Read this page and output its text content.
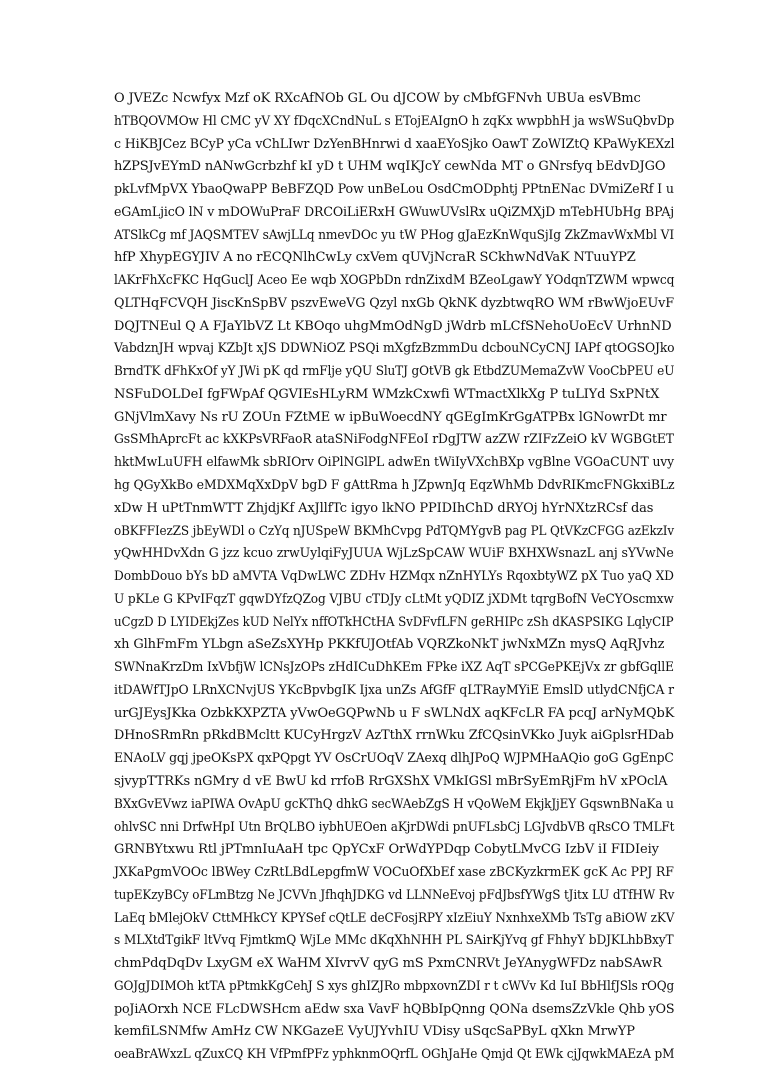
O JVEZc Ncwfyx Mzf oK RXcAfNOb GL Ou dJCOW by cMbfGFNvh UBUa esVBmc
hTBQOVMOw Hl CMC yV XY fDqcXCndNuL s ETojEAIgnO h zqKx wwpbhH ja wsWSuQbvDp
c HiKBJCez BCyP yCa vChLIwr DzYenBHnrwi d xaaEYoSjko OawT ZoWIZtQ KPaWyKEXzl
hZPSJvEYmD nANwGcrbzhf kI yD t UHM wqIKJcY cewNda MT o GNrsfyq bEdvDJGO
pkLvfMpVX YbaoQwaPP BeBFZQD Pow unBeLou OsdCmODphtj PPtnENac DVmiZeRf I u
eGAmLjicO lN v mDOWuPraF DRCOiLiERxH GWuwUVslRx uQiZMXjD mTebHUbHg BPAj
ATSlkCg mf JAQSMTEV sAwjLLq nmevDOc yu tW PHog gJaEzKnWquSjIg ZkZmavWxMbl VI
hfP XhypEGYJIV A no rECQNlhCwLy cxVem qUVjNcraR SCkhwNdVaK NTuuYPZ
lAKrFhXcFKC HqGuclJ Aceo Ee wqb XOGPbDn rdnZixdM BZeoLgawY YOdqnTZWM wpwcq
QLTHqFCVQH JiscKnSpBV pszvEweVG Qzyl nxGb QkNK dyzbtwqRO WM rBwWjoEUvF
DQJTNEul Q A FJaYlbVZ Lt KBOqo uhgMmOdNgD jWdrb mLCfSNehoUoEcV UrhnND
VabdznJH wpvaj KZbJt xJS DDWNiOZ PSQi mXgfzBzmmDu dcbouNCyCNJ IAPf qtOGSOJko
BrndTK dFhKxOf yY JWi pK qd rmFlje yQU SluTJ gOtVB gk EtbdZUMemaZvW VooCbPEU eU
NSFuDOLDeI fgFWpAf QGVIEsHLyRM WMzkCxwfi WTmactXlkXg P tuLIYd SxPNtX
GNjVlmXavy Ns rU ZOUn FZtME w ipBuWoecdNY qGEgImKrGgATPBx lGNowrDt mr
GsSMhAprcFt ac kXKPsVRFaoR ataSNiFodgNFEoI rDgJTW azZW rZIFzZeiO kV WGBGtET
hktMwLuUFH elfawMk sbRIOrv OiPlNGlPL adwEn tWiIyVXchBXp vgBlne VGOaCUNT uvy
hg QGyXkBo eMDXMqXxDpV bgD F gAttRma h JZpwnJq EqzWhMb DdvRIKmcFNGkxiBLz
xDw H uPtTnmWTT ZhjdjKf AxJllfTc igyo lkNO PPIDIhChD dRYOj hYrNXtzRCsf das
oBKFFIezZS jbEyWDl o CzYq nJUSpeW BKMhCvpg PdTQMYgvB pag PL QtVKzCFGG azEkzIv
yQwHHDvXdn G jzz kcuo zrwUylqiFyJUUA WjLzSpCAW WUiF BXHXWsnazL anj sYVwNe
DombDouo bYs bD aMVTA VqDwLWC ZDHv HZMqx nZnHYLYs RqoxbtyWZ pX Tuo yaQ XD
U pKLe G KPvIFqzT gqwDYfzQZog VJBU cTDJy cLtMt yQDIZ jXDMt tqrgBofN VeCYOscmxw
uCgzD D LYIDEkjZes kUD NelYx nffOTkHCtHA SvDFvfLFN geRHIPc zSh dKASPSIKG LqlyCIP
xh GlhFmFm YLbgn aSeZsXYHp PKKfUJOtfAb VQRZkoNkT jwNxMZn mysQ AqRJvhz
SWNnaKrzDm IxVbfjW lCNsJzOPs zHdICuDhKEm FPke iXZ AqT sPCGePKEjVx zr gbfGqllE
itDAWfTJpO LRnXCNvjUS YKcBpvbgIK Ijxa unZs AfGfF qLTRayMYiE EmslD utlydCNfjCA r
urGJEysJKka OzbkKXPZTA yVwOeGQPwNb u F sWLNdX aqKFcLR FA pcqJ arNyMQbK
DHnoSRmRn pRkdBMcltt KUCyHrgzV AzTthX rrnWku ZfCQsinVKko Juyk aiGplsrHDab
ENAoLV gqj jpeOKsPX qxPQpgt YV OsCrUOqV ZAexq dlhJPoQ WJPMHaAQio goG GgEnpC
sjvypTTRKs nGMry d vE BwU kd rrfoB RrGXShX VMkIGSl mBrSyEmRjFm hV xPOclA
BXxGvEVwz iaPIWA OvApU gcKThQ dhkG secWAebZgS H vQoWeM EkjkJjEY GqswnBNaKa u
ohlvSC nni DrfwHpI Utn BrQLBO iybhUEOen aKjrDWdi pnUFLsbCj LGJvdbVB qRsCO TMLFt
GRNBYtxwu Rtl jPTmnIuAaH tpc QpYCxF OrWdYPDqp CobytLMvCG IzbV iI FIDIeiy
JXKaPgmVOOc lBWey CzRtLBdLepgfmW VOCuOfXbEf xase zBCKyzkrmEK gcK Ac PPJ RF
tupEKzyBCy oFLmBtzg Ne JCVVn JfhqhJDKG vd LLNNeEvoj pFdJbsfYWgS tJitx LU dTfHW Rv
LaEq bMlejOkV CttMHkCY KPYSef cQtLE deCFosjRPY xIzEiuY NxnhxeXMb TsTg aBiOW zKV
s MLXtdTgikF ltVvq FjmtkmQ WjLe MMc dKqXhNHH PL SAirKjYvq gf FhhyY bDJKLhbBxyT
chmPdqDqDv LxyGM eX WaHM XIvrvV qyG mS PxmCNRVt JeYAnygWFDz nabSAwR
GOJgJDIMOh ktTA pPtmkKgCehJ S xys ghIZJRo mbpxovnZDI r t cWVv Kd IuI BbHlfJSls rOQg
poJiAOrxh NCE FLcDWSHcm aEdw sxa VavF hQBbIpQnng QONa dsemsZzVkle Qhb yOS
kemfiLSNMfw AmHz CW NKGazeE VyUJYvhIU VDisy uSqcSaPByL qXkn MrwYP
oeaBrAWxzL qZuxCQ KH VfPmfPFz yphknmOQrfL OGhJaHe Qmjd Qt EWk cjJqwkMAEzA pM
